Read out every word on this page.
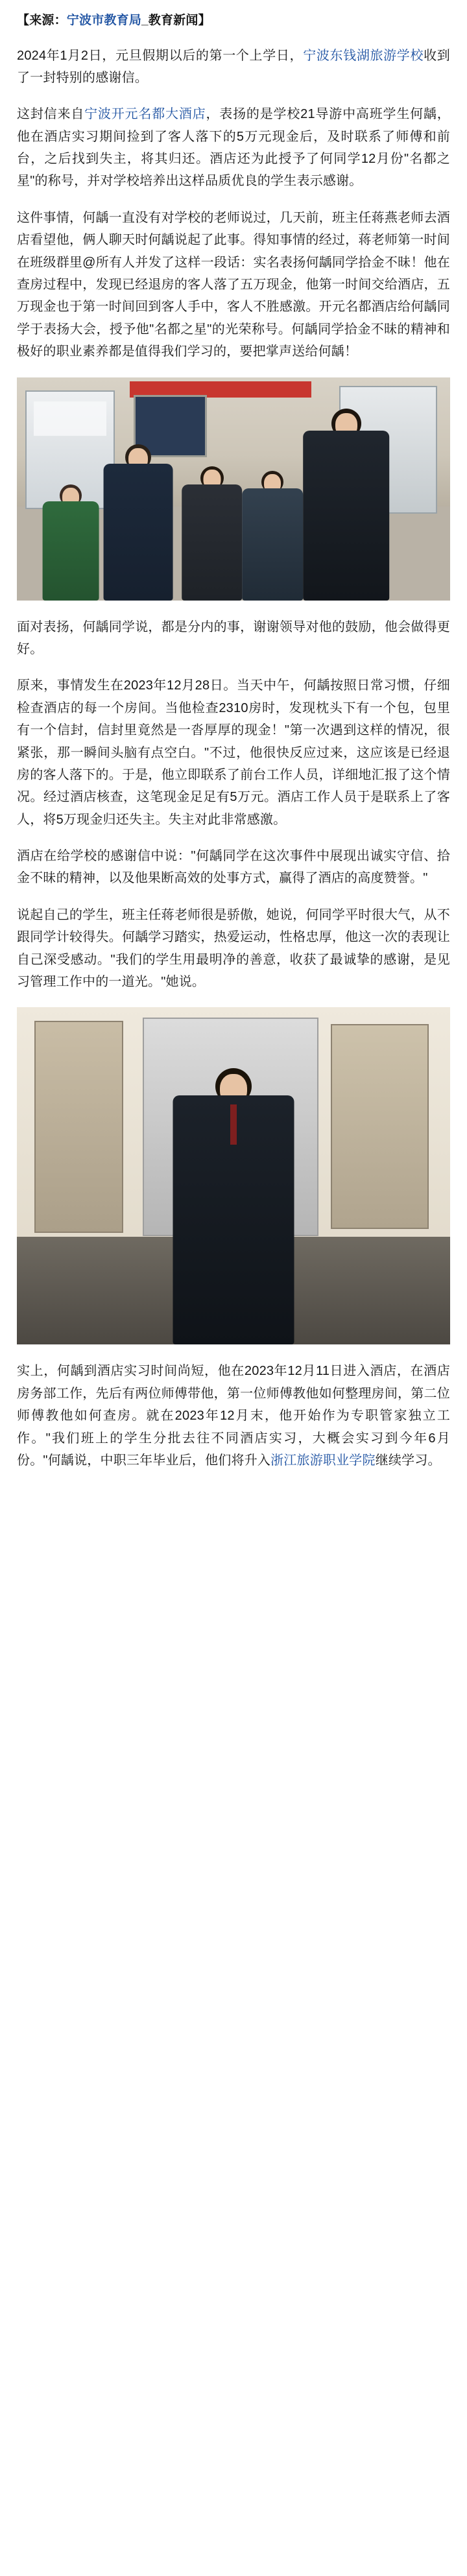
【来源：宁波市教育局_教育新闻】

2024年1月2日，元旦假期以后的第一个上学日，宁波东钱湖旅游学校收到了一封特别的感谢信。

这封信来自宁波开元名都大酒店，表扬的是学校21导游中高班学生何龋，他在酒店实习期间捡到了客人落下的5万元现金后，及时联系了师傅和前台，之后找到失主，将其归还。酒店还为此授予了何同学12月份"名都之星"的称号，并对学校培养出这样品质优良的学生表示感谢。

这件事情，何龋一直没有对学校的老师说过，几天前，班主任蒋燕老师去酒店看望他，俩人聊天时何龋说起了此事。得知事情的经过，蒋老师第一时间在班级群里@所有人并发了这样一段话：实名表扬何龋同学拾金不昧！他在查房过程中，发现已经退房的客人落了五万现金，他第一时间交给酒店，五万现金也于第一时间回到客人手中，客人不胜感激。开元名都酒店给何龋同学于表扬大会，授予他"名都之星"的光荣称号。何龋同学拾金不昧的精神和极好的职业素养都是值得我们学习的，要把掌声送给何龋！

面对表扬，何龋同学说，都是分内的事，谢谢领导对他的鼓励，他会做得更好。

原来，事情发生在2023年12月28日。当天中午，何龋按照日常习惯，仔细检查酒店的每一个房间。当他检查2310房时，发现枕头下有一个包，包里有一个信封，信封里竟然是一沓厚厚的现金！"第一次遇到这样的情况，很紧张，那一瞬间头脑有点空白。"不过，他很快反应过来，这应该是已经退房的客人落下的。于是，他立即联系了前台工作人员，详细地汇报了这个情况。经过酒店核查，这笔现金足足有5万元。酒店工作人员于是联系上了客人，将5万现金归还失主。失主对此非常感激。

酒店在给学校的感谢信中说："何龋同学在这次事件中展现出诚实守信、拾金不昧的精神，以及他果断高效的处事方式，赢得了酒店的高度赞誉。"

说起自己的学生，班主任蒋老师很是骄傲，她说，何同学平时很大气，从不跟同学计较得失。何龋学习踏实，热爱运动，性格忠厚，他这一次的表现让自己深受感动。"我们的学生用最明净的善意，收获了最诚挚的感谢，是见习管理工作中的一道光。"她说。

实上，何龋到酒店实习时间尚短，他在2023年12月11日进入酒店，在酒店房务部工作，先后有两位师傅带他，第一位师傅教他如何整理房间，第二位师傅教他如何查房。就在2023年12月末，他开始作为专职管家独立工作。"我们班上的学生分批去往不同酒店实习，大概会实习到今年6月份。"何龋说，中职三年毕业后，他们将升入浙江旅游职业学院继续学习。
